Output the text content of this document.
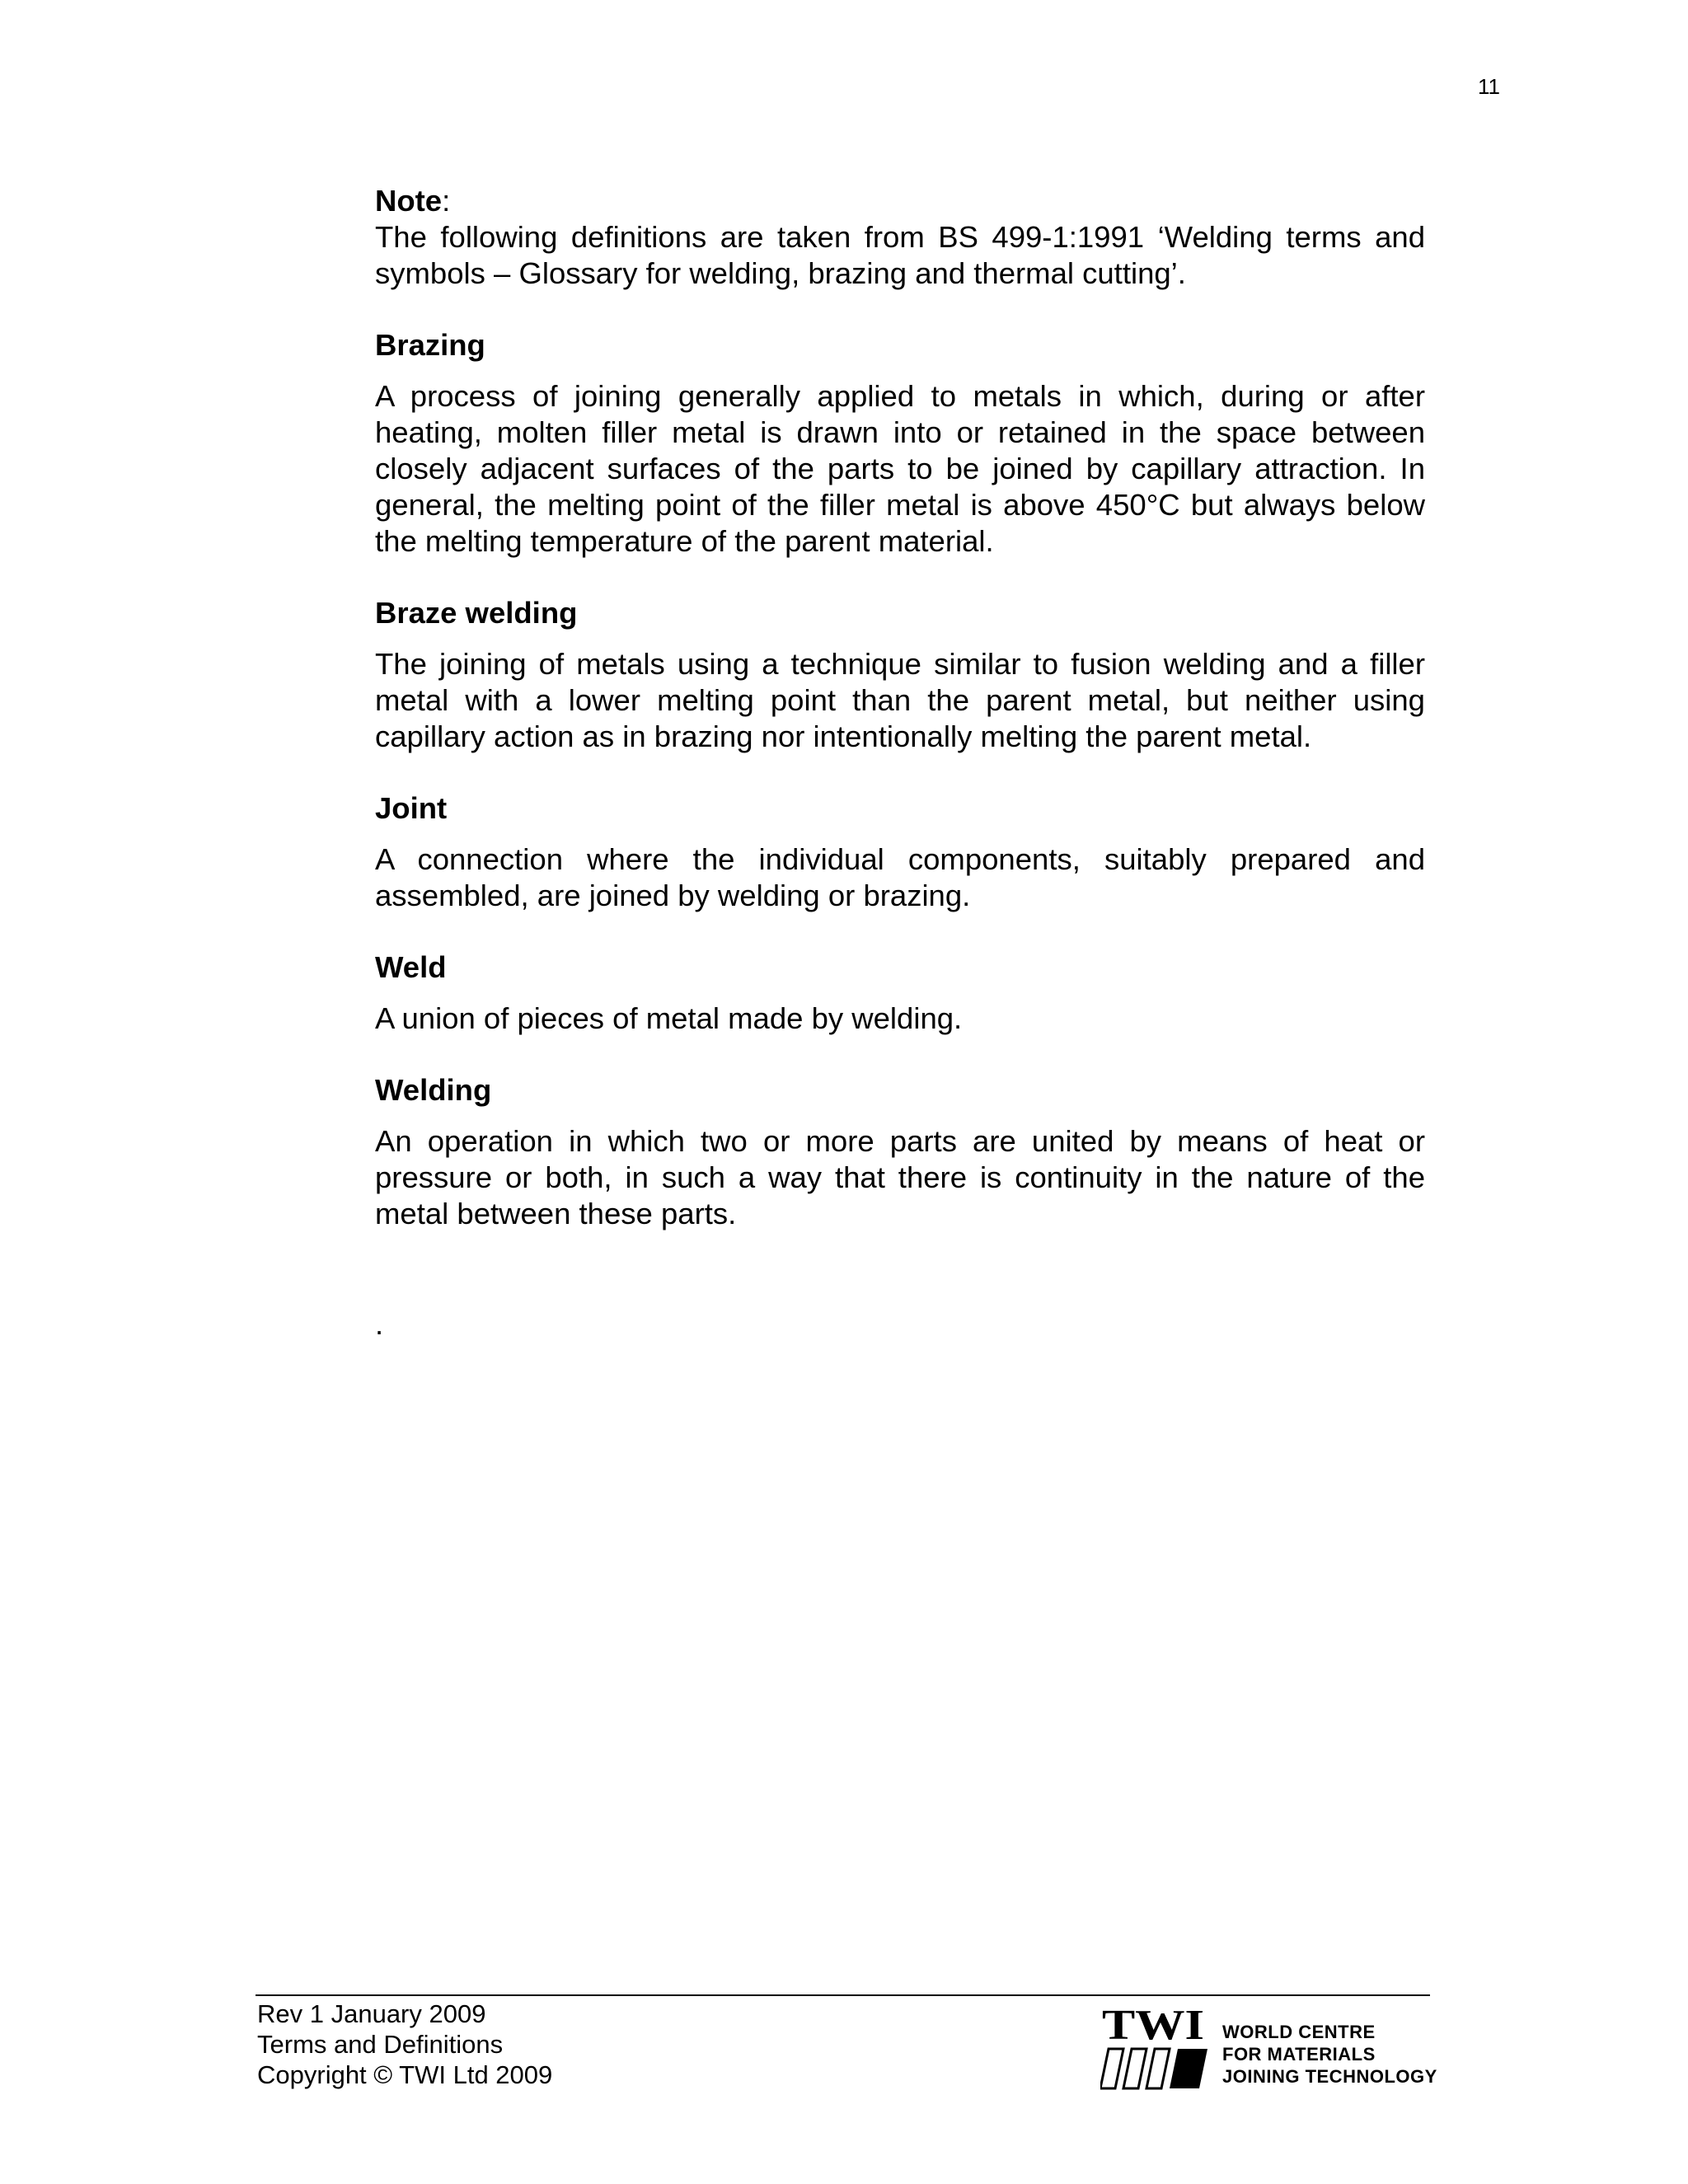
11
Note:

The following definitions are taken from BS 499-1:1991 ‘Welding terms and symbols – Glossary for welding, brazing and thermal cutting’.

Brazing

A process of joining generally applied to metals in which, during or after heating, molten filler metal is drawn into or retained in the space between closely adjacent surfaces of the parts to be joined by capillary attraction. In general, the melting point of the filler metal is above 450°C but always below the melting temperature of the parent material.

Braze welding

The joining of metals using a technique similar to fusion welding and a filler metal with a lower melting point than the parent metal, but neither using capillary action as in brazing nor intentionally melting the parent metal.

Joint

A connection where the individual components, suitably prepared and assembled, are joined by welding or brazing.

Weld

A union of pieces of metal made by welding.

Welding

An operation in which two or more parts are united by means of heat or pressure or both, in such a way that there is continuity in the nature of the metal between these parts.

.
Rev 1 January 2009
Terms and Definitions
Copyright © TWI Ltd 2009
TWI WORLD CENTRE
FOR MATERIALS
JOINING TECHNOLOGY
